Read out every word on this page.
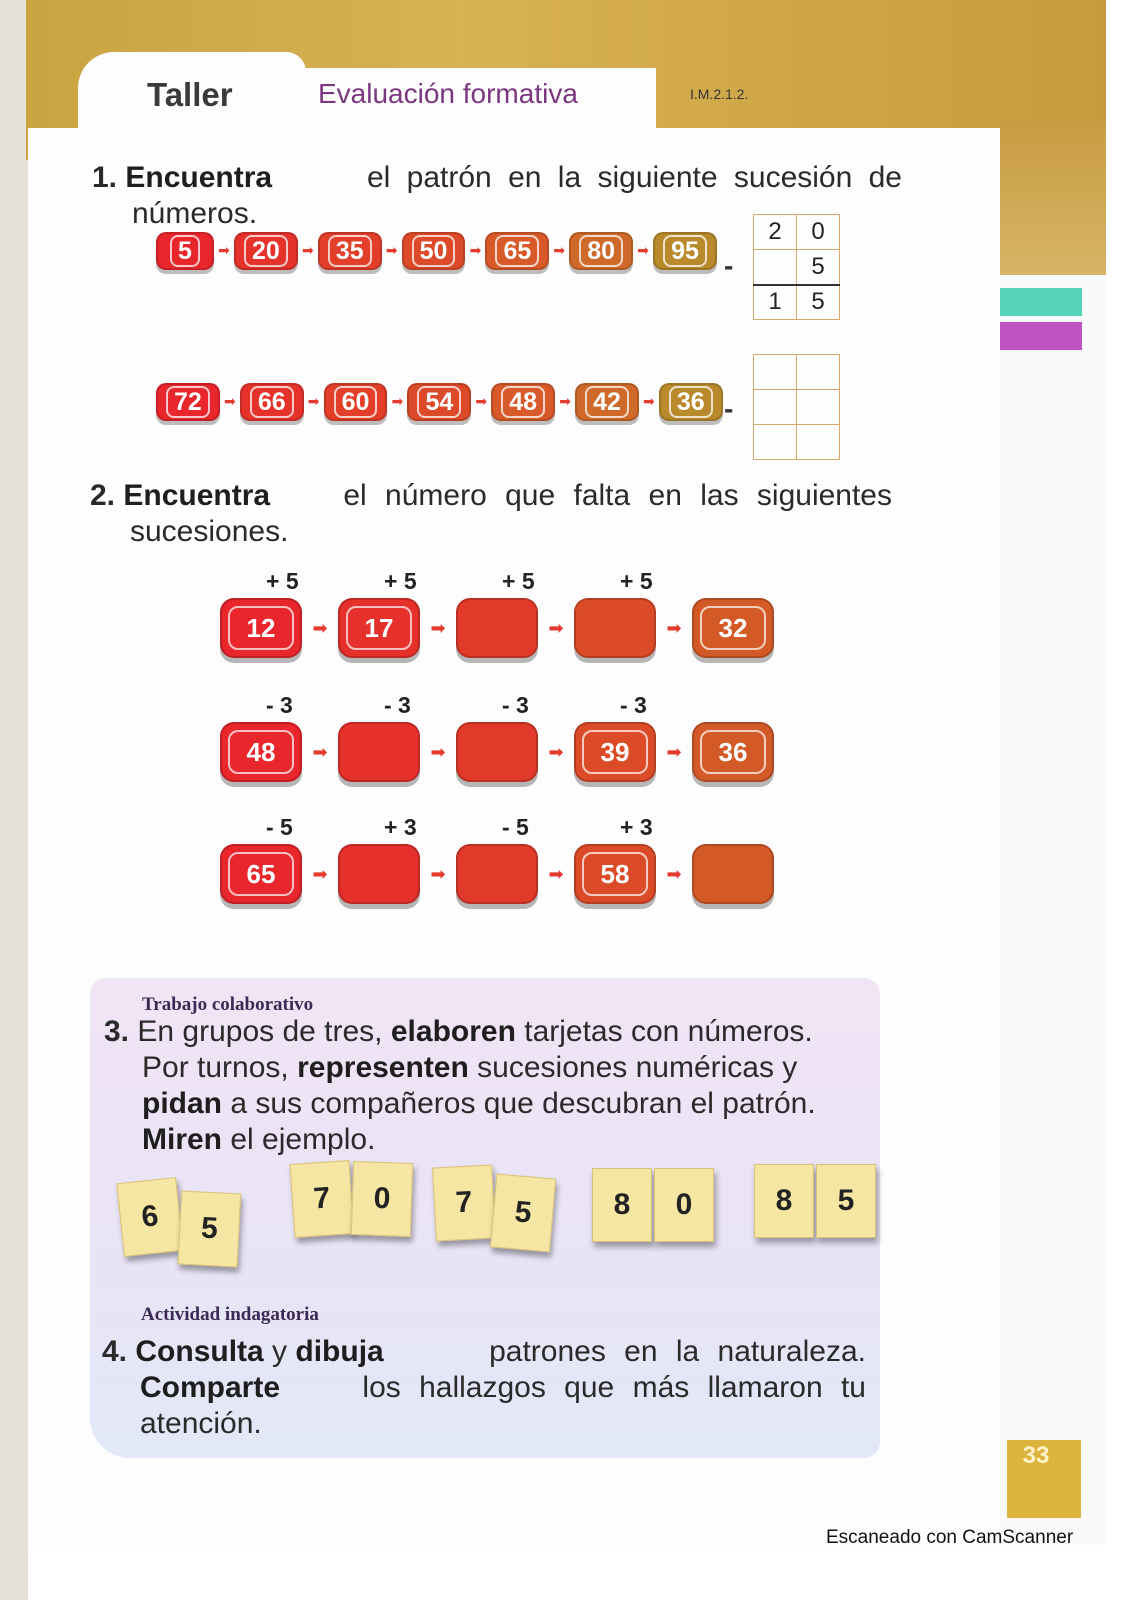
Taller	Evaluación formativa	I.M.2.1.2.
1. Encuentra	el patrón en la siguiente sucesión de
números.
5	➡ 20	➡ 35	➡ 50	➡ 65	➡ 80	➡ 95 -
2	0
	5
1	5
72	➡ 66	➡ 60	➡ 54	➡ 48	➡ 42	➡ 36 -

2. Encuentra el número que falta en las siguientes
sucesiones.
+ 5	+ 5	+ 5	+ 5
12	➡	17	➡	➡	➡	32
- 3	- 3	- 3	- 3
48	➡	➡	➡	39	➡	36
- 5	+ 3	- 5	+ 3
65	➡	➡	➡	58	➡
Trabajo colaborativo
3. En grupos de tres, elaboren tarjetas con números.
Por turnos, representen sucesiones numéricas y
pidan a sus compañeros que descubran el patrón.
Miren el ejemplo.
6	5
7	0	7	5	8	0	8	5
Actividad indagatoria
4. Consulta y dibuja	patrones en la naturaleza.
Comparte los hallazgos que más llamaron tu
atención.
33
Escaneado con CamScanner
